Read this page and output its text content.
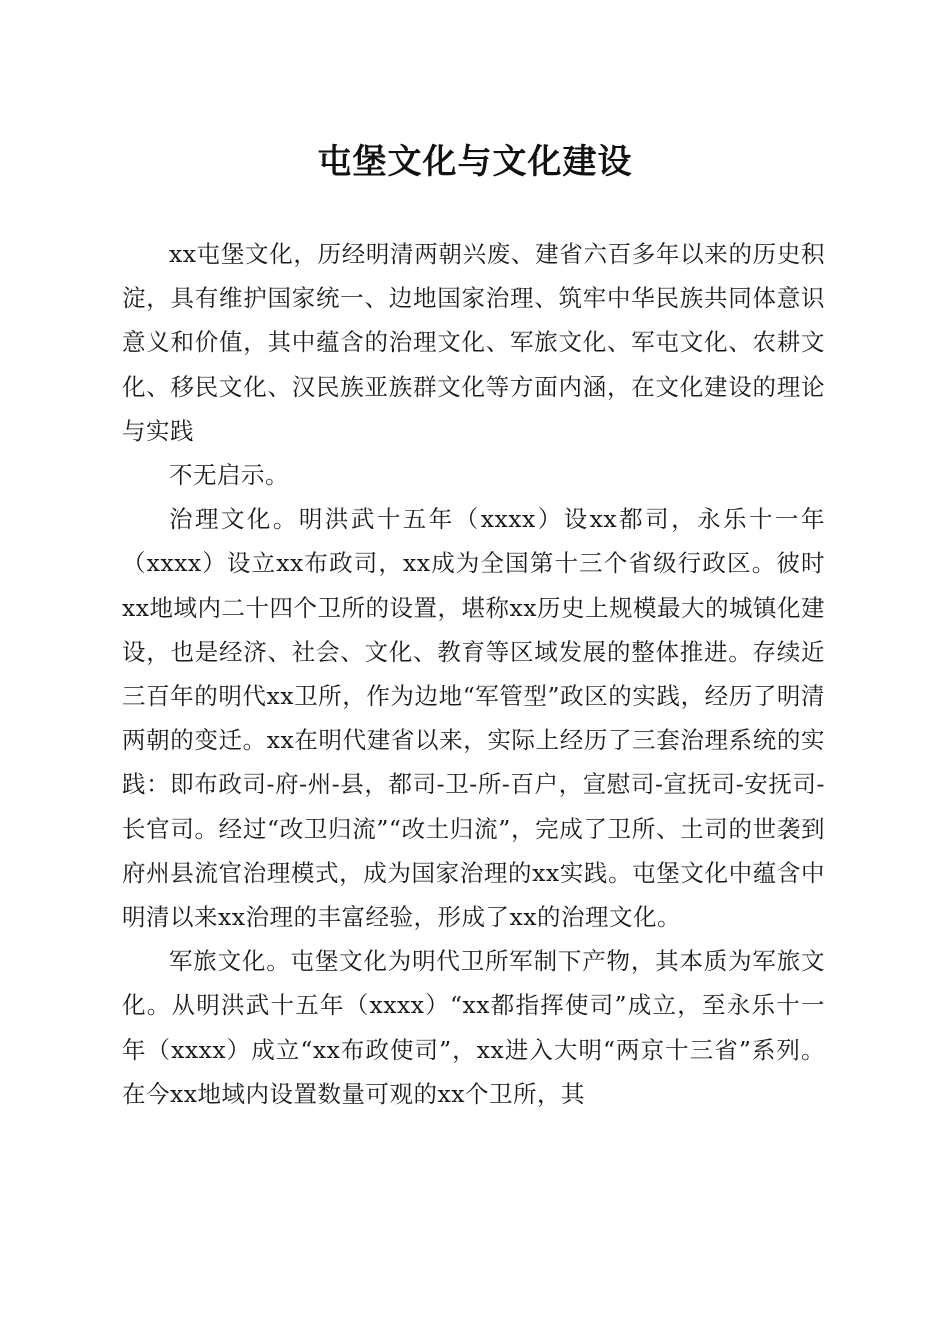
屯堡文化与文化建设

xx屯堡文化，历经明清两朝兴废、建省六百多年以来的历史积淀，具有维护国家统一、边地国家治理、筑牢中华民族共同体意识意义和价值，其中蕴含的治理文化、军旅文化、军屯文化、农耕文化、移民文化、汉民族亚族群文化等方面内涵，在文化建设的理论与实践

不无启示。

治理文化。明洪武十五年（xxxx）设xx都司，永乐十一年（xxxx）设立xx布政司，xx成为全国第十三个省级行政区。彼时xx地域内二十四个卫所的设置，堪称xx历史上规模最大的城镇化建设，也是经济、社会、文化、教育等区域发展的整体推进。存续近三百年的明代xx卫所，作为边地“军管型”政区的实践，经历了明清两朝的变迁。xx在明代建省以来，实际上经历了三套治理系统的实践：即布政司-府-州-县，都司-卫-所-百户，宣慰司-宣抚司-安抚司-长官司。经过“改卫归流”“改土归流”，完成了卫所、土司的世袭到府州县流官治理模式，成为国家治理的xx实践。屯堡文化中蕴含中明清以来xx治理的丰富经验，形成了xx的治理文化。

军旅文化。屯堡文化为明代卫所军制下产物，其本质为军旅文化。从明洪武十五年（xxxx）“xx都指挥使司”成立，至永乐十一年（xxxx）成立“xx布政使司”，xx进入大明“两京十三省”系列。在今xx地域内设置数量可观的xx个卫所，其
